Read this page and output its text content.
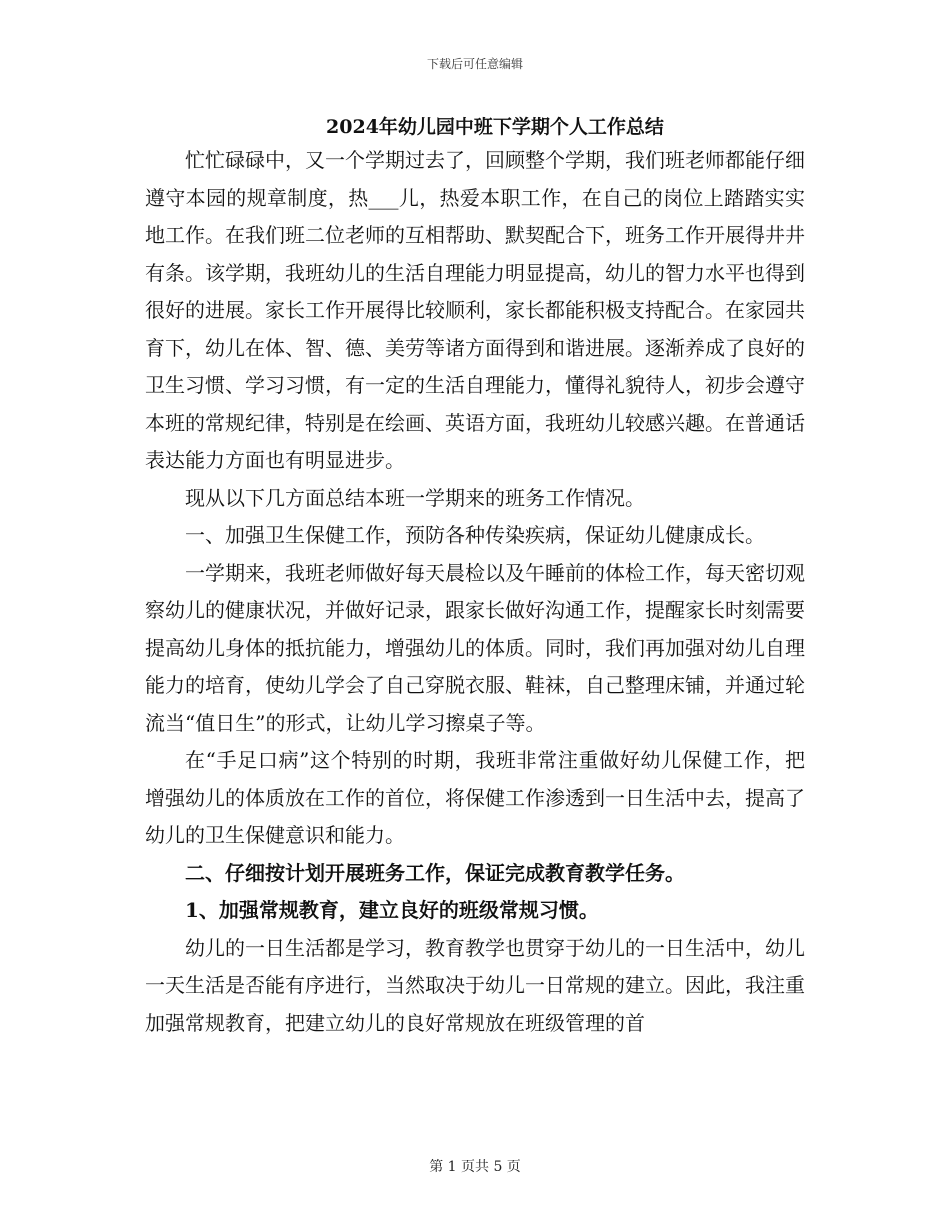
下载后可任意编辑
2024年幼儿园中班下学期个人工作总结

忙忙碌碌中，又一个学期过去了，回顾整个学期，我们班老师都能仔细遵守本园的规章制度，热___儿，热爱本职工作，在自己的岗位上踏踏实实地工作。在我们班二位老师的互相帮助、默契配合下，班务工作开展得井井有条。该学期，我班幼儿的生活自理能力明显提高，幼儿的智力水平也得到很好的进展。家长工作开展得比较顺利，家长都能积极支持配合。在家园共育下，幼儿在体、智、德、美劳等诸方面得到和谐进展。逐渐养成了良好的卫生习惯、学习习惯，有一定的生活自理能力，懂得礼貌待人，初步会遵守本班的常规纪律，特别是在绘画、英语方面，我班幼儿较感兴趣。在普通话表达能力方面也有明显进步。

现从以下几方面总结本班一学期来的班务工作情况。

一、加强卫生保健工作，预防各种传染疾病，保证幼儿健康成长。

一学期来，我班老师做好每天晨检以及午睡前的体检工作，每天密切观察幼儿的健康状况，并做好记录，跟家长做好沟通工作，提醒家长时刻需要提高幼儿身体的抵抗能力，增强幼儿的体质。同时，我们再加强对幼儿自理能力的培育，使幼儿学会了自己穿脱衣服、鞋袜，自己整理床铺，并通过轮流当“值日生”的形式，让幼儿学习擦桌子等。

在“手足口病”这个特别的时期，我班非常注重做好幼儿保健工作，把增强幼儿的体质放在工作的首位，将保健工作渗透到一日生活中去，提高了幼儿的卫生保健意识和能力。

二、仔细按计划开展班务工作，保证完成教育教学任务。

1、加强常规教育，建立良好的班级常规习惯。

幼儿的一日生活都是学习，教育教学也贯穿于幼儿的一日生活中，幼儿一天生活是否能有序进行，当然取决于幼儿一日常规的建立。因此，我注重加强常规教育，把建立幼儿的良好常规放在班级管理的首

第 1 页共 5 页
